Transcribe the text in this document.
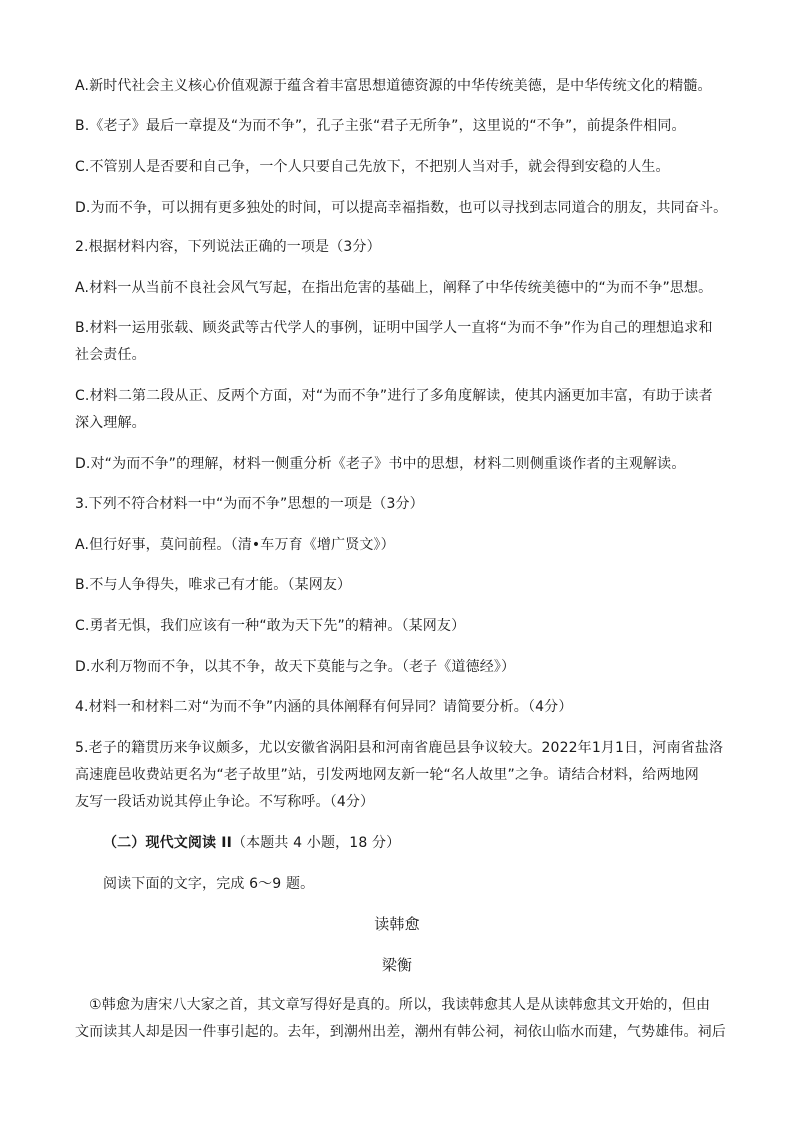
A.新时代社会主义核心价值观源于蕴含着丰富思想道德资源的中华传统美德，是中华传统文化的精髓。
B.《老子》最后一章提及“为而不争”，孔子主张“君子无所争”，这里说的“不争”，前提条件相同。
C.不管别人是否要和自己争，一个人只要自己先放下，不把别人当对手，就会得到安稳的人生。
D.为而不争，可以拥有更多独处的时间，可以提高幸福指数，也可以寻找到志同道合的朋友，共同奋斗。
2.根据材料内容，下列说法正确的一项是（3分）
A.材料一从当前不良社会风气写起，在指出危害的基础上，阐释了中华传统美德中的“为而不争”思想。
B.材料一运用张载、顾炎武等古代学人的事例，证明中国学人一直将“为而不争”作为自己的理想追求和
社会责任。
C.材料二第二段从正、反两个方面，对“为而不争”进行了多角度解读，使其内涵更加丰富，有助于读者
深入理解。
D.对“为而不争”的理解，材料一侧重分析《老子》书中的思想，材料二则侧重谈作者的主观解读。
3.下列不符合材料一中“为而不争”思想的一项是（3分）
A.但行好事，莫问前程。（清•车万育《增广贤文》）
B.不与人争得失，唯求己有才能。（某网友）
C.勇者无惧，我们应该有一种“敢为天下先”的精神。（某网友）
D.水利万物而不争，以其不争，故天下莫能与之争。（老子《道德经》）
4.材料一和材料二对“为而不争”内涵的具体阐释有何异同？请简要分析。（4分）
5.老子的籍贯历来争议颇多，尤以安徽省涡阳县和河南省鹿邑县争议较大。2022年1月1日，河南省盐洛
高速鹿邑收费站更名为“老子故里”站，引发两地网友新一轮“名人故里”之争。请结合材料，给两地网
友写一段话劝说其停止争论。不写称呼。（4分）
（二）现代文阅读 II（本题共 4 小题，18 分）
阅读下面的文字，完成 6～9 题。
读韩愈
梁衡
①韩愈为唐宋八大家之首，其文章写得好是真的。所以，我读韩愈其人是从读韩愈其文开始的，但由
文而读其人却是因一件事引起的。去年，到潮州出差，潮州有韩公祠，祠依山临水而建，气势雄伟。祠后
